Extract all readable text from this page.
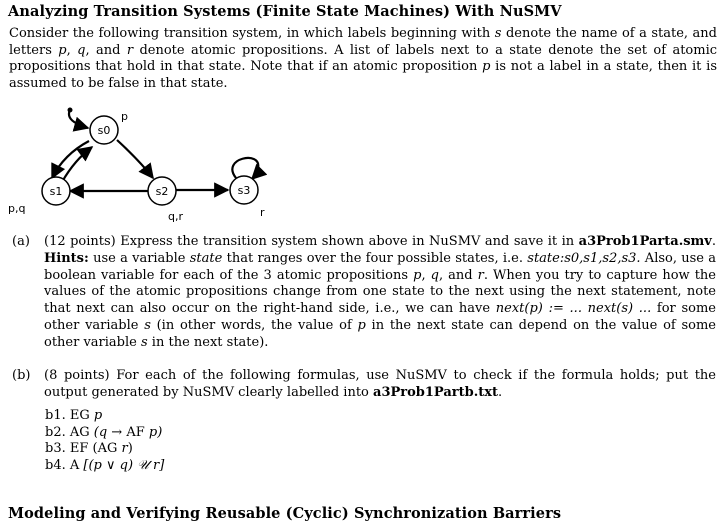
Analyzing Transition Systems (Finite State Machines) With NuSMV
Consider the following transition system, in which labels beginning with s denote the name of a state, and letters p, q, and r denote atomic propositions. A list of labels next to a state denote the set of atomic propositions that hold in that state. Note that if an atomic proposition p is not a label in a state, then it is assumed to be false in that state.
s0
s1	s2	s3
p
p,q
q,r	r
(a) (12 points) Express the transition system shown above in NuSMV and save it in a3Prob1Parta.smv. Hints: use a variable state that ranges over the four possible states, i.e. state:s0,s1,s2,s3. Also, use a boolean variable for each of the 3 atomic propositions p, q, and r. When you try to capture how the values of the atomic propositions change from one state to the next using the next statement, note that next can also occur on the right-hand side, i.e., we can have next(p) := ... next(s) ... for some other variable s (in other words, the value of p in the next state can depend on the value of some other variable s in the next state).
(b) (8 points) For each of the following formulas, use NuSMV to check if the formula holds; put the output generated by NuSMV clearly labelled into a3Prob1Partb.txt.
b1. EG p
b2. AG (q → AF p)
b3. EF (AG r)
b4. A [(p ∨ q) 𝒰 r]
Modeling and Verifying Reusable (Cyclic) Synchronization Barriers
